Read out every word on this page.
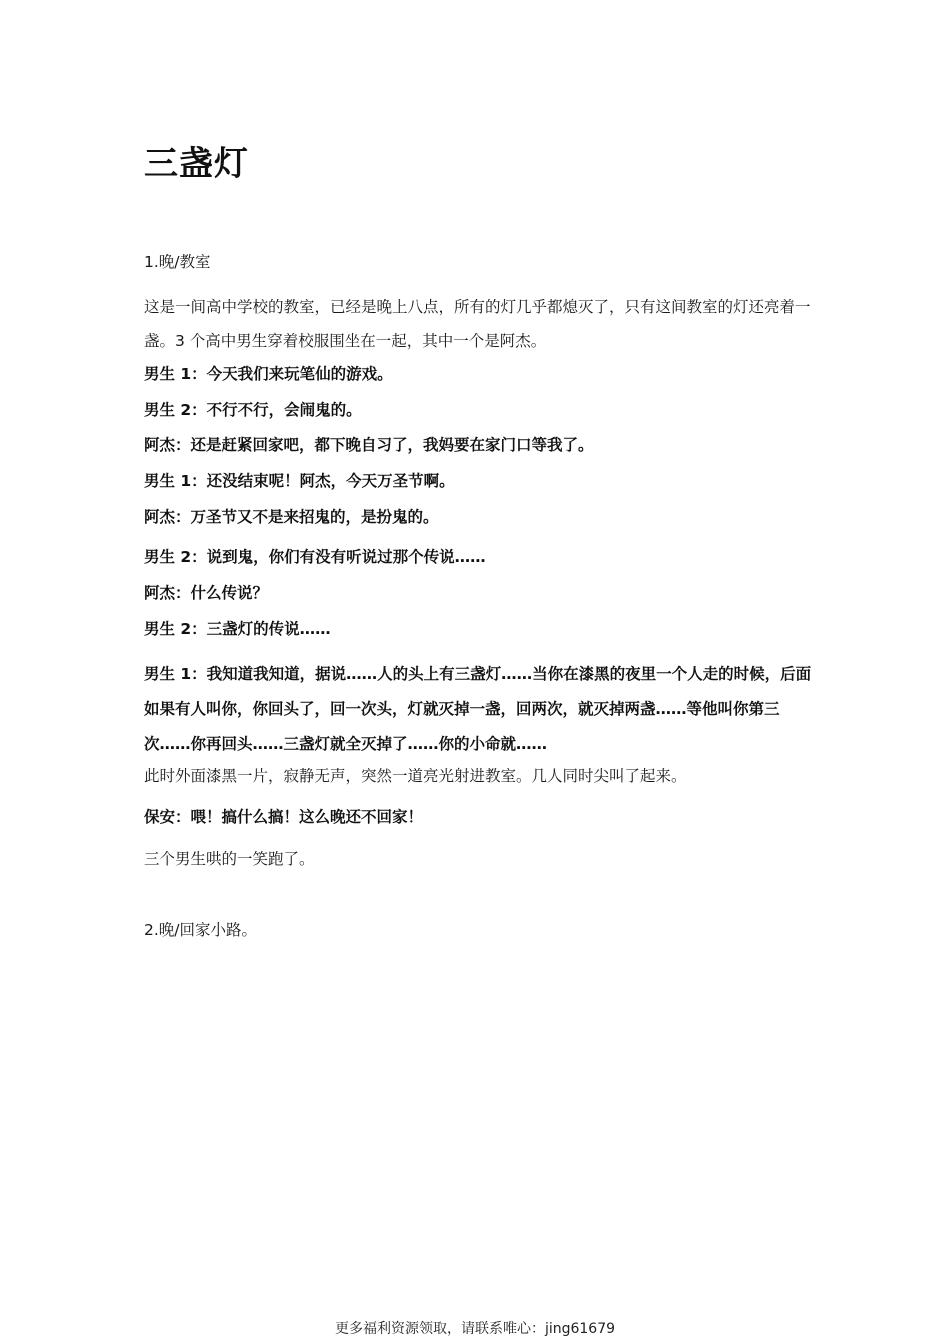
三盏灯

1.晚/教室

这是一间高中学校的教室，已经是晚上八点，所有的灯几乎都熄灭了，只有这间教室的灯还亮着一盏。3 个高中男生穿着校服围坐在一起，其中一个是阿杰。

男生 1：今天我们来玩笔仙的游戏。

男生 2：不行不行，会闹鬼的。

阿杰：还是赶紧回家吧，都下晚自习了，我妈要在家门口等我了。

男生 1：还没结束呢！阿杰，今天万圣节啊。

阿杰：万圣节又不是来招鬼的，是扮鬼的。

男生 2：说到鬼，你们有没有听说过那个传说……

阿杰：什么传说？

男生 2：三盏灯的传说……

男生 1：我知道我知道，据说……人的头上有三盏灯……当你在漆黑的夜里一个人走的时候，后面如果有人叫你，你回头了，回一次头，灯就灭掉一盏，回两次，就灭掉两盏……等他叫你第三次……你再回头……三盏灯就全灭掉了……你的小命就……

此时外面漆黑一片，寂静无声，突然一道亮光射进教室。几人同时尖叫了起来。

保安：喂！搞什么搞！这么晚还不回家！

三个男生哄的一笑跑了。

2.晚/回家小路。

更多福利资源领取，请联系唯心：jing61679
